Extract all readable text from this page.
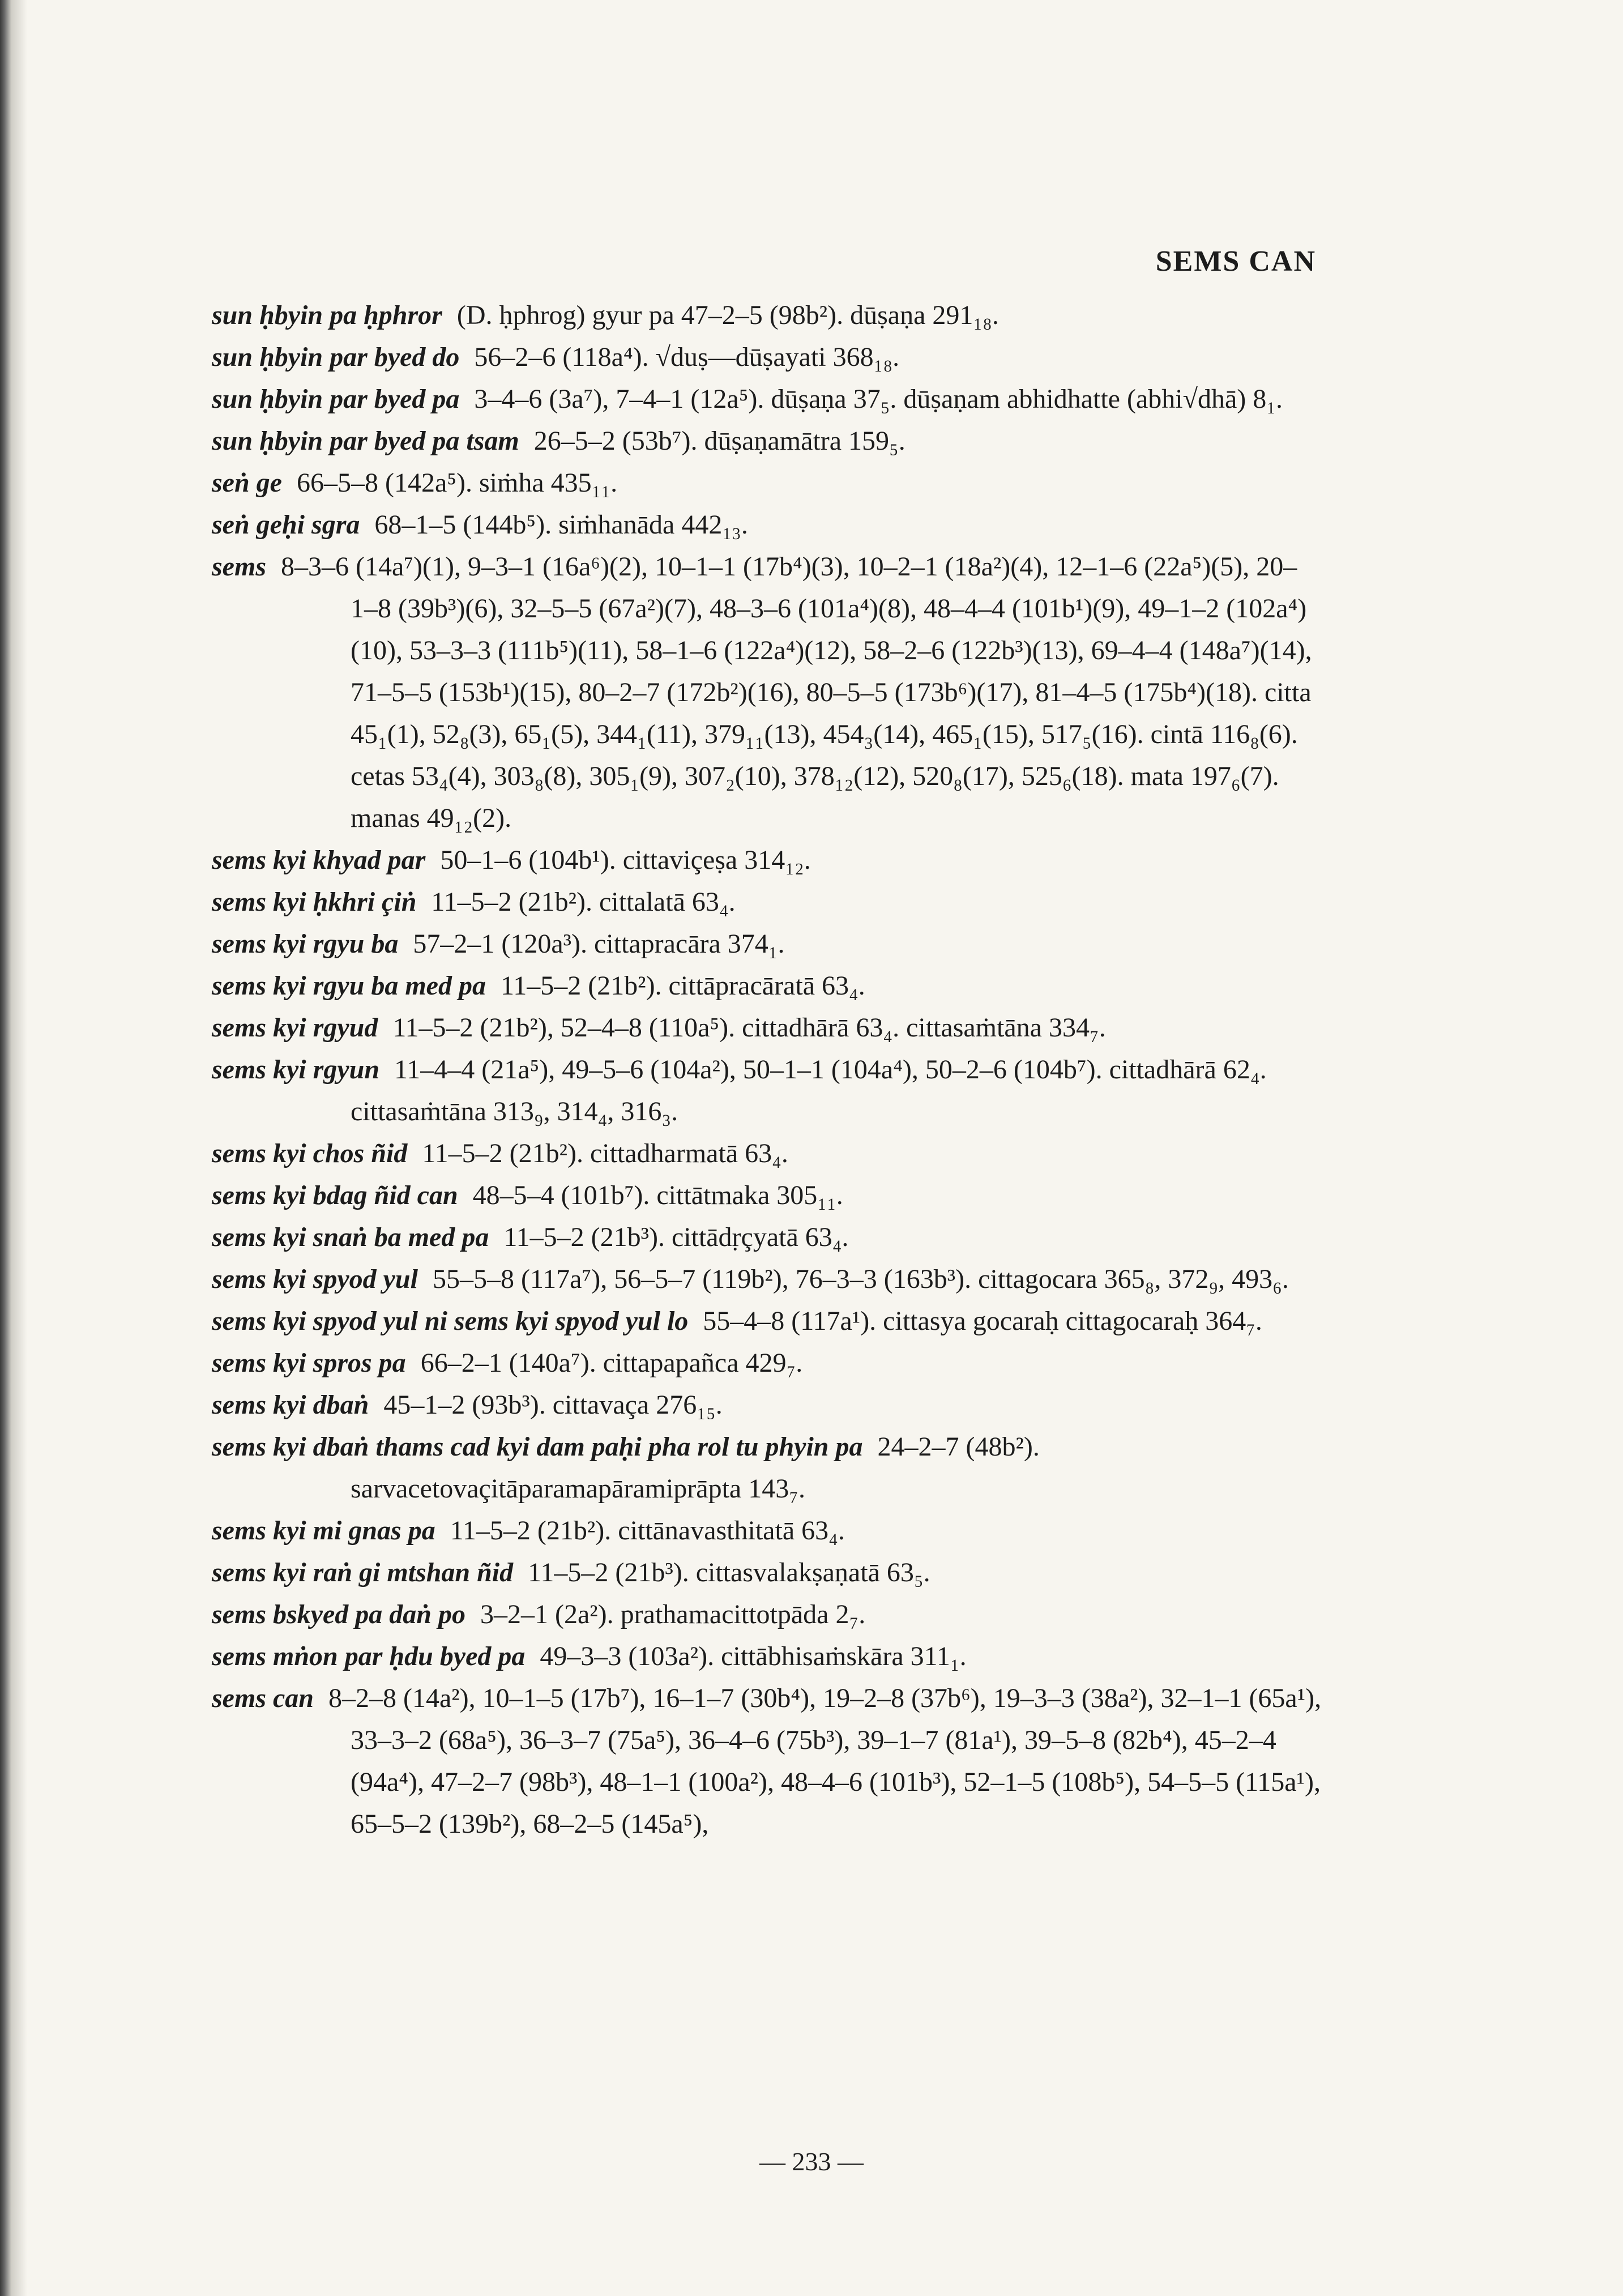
SEMS CAN
sun ḥbyin pa ḥphror (D. ḥphrog) gyur pa 47–2–5 (98b²). dūṣaṇa 291₁₈.
sun ḥbyin par byed do 56–2–6 (118a⁴). √duṣ—dūṣayati 368₁₈.
sun ḥbyin par byed pa 3–4–6 (3a⁷), 7–4–1 (12a⁵). dūṣaṇa 37₅. dūṣaṇam abhidhatte (abhi√dhā) 8₁.
sun ḥbyin par byed pa tsam 26–5–2 (53b⁷). dūṣaṇamātra 159₅.
seṅ ge 66–5–8 (142a⁵). siṁha 435₁₁.
seṅ geḥi sgra 68–1–5 (144b⁵). siṁhanāda 442₁₃.
sems 8–3–6 (14a⁷)(1), 9–3–1 (16a⁶)(2), 10–1–1 (17b⁴)(3), 10–2–1 (18a²)(4), 12–1–6 (22a⁵)(5), 20–1–8 (39b³)(6), 32–5–5 (67a²)(7), 48–3–6 (101a⁴)(8), 48–4–4 (101b¹)(9), 49–1–2 (102a⁴)(10), 53–3–3 (111b⁵)(11), 58–1–6 (122a⁴)(12), 58–2–6 (122b³)(13), 69–4–4 (148a⁷)(14), 71–5–5 (153b¹)(15), 80–2–7 (172b²)(16), 80–5–5 (173b⁶)(17), 81–4–5 (175b⁴)(18). citta 45₁(1), 52₈(3), 65₁(5), 344₁(11), 379₁₁(13), 454₃(14), 465₁(15), 517₅(16). cintā 116₈(6). cetas 53₄(4), 303₈(8), 305₁(9), 307₂(10), 378₁₂(12), 520₈(17), 525₆(18). mata 197₆(7). manas 49₁₂(2).
sems kyi khyad par 50–1–6 (104b¹). cittaviçeṣa 314₁₂.
sems kyi ḥkhri çiṅ 11–5–2 (21b²). cittalatā 63₄.
sems kyi rgyu ba 57–2–1 (120a³). cittapracāra 374₁.
sems kyi rgyu ba med pa 11–5–2 (21b²). cittāpracāratā 63₄.
sems kyi rgyud 11–5–2 (21b²), 52–4–8 (110a⁵). cittadhārā 63₄. cittasaṁtāna 334₇.
sems kyi rgyun 11–4–4 (21a⁵), 49–5–6 (104a²), 50–1–1 (104a⁴), 50–2–6 (104b⁷). cittadhārā 62₄. cittasaṁtāna 313₉, 314₄, 316₃.
sems kyi chos ñid 11–5–2 (21b²). cittadharmatā 63₄.
sems kyi bdag ñid can 48–5–4 (101b⁷). cittātmaka 305₁₁.
sems kyi snaṅ ba med pa 11–5–2 (21b³). cittādṛçyatā 63₄.
sems kyi spyod yul 55–5–8 (117a⁷), 56–5–7 (119b²), 76–3–3 (163b³). cittagocara 365₈, 372₉, 493₆.
sems kyi spyod yul ni sems kyi spyod yul lo 55–4–8 (117a¹). cittasya gocaraḥ cittagocaraḥ 364₇.
sems kyi spros pa 66–2–1 (140a⁷). cittapapañca 429₇.
sems kyi dbaṅ 45–1–2 (93b³). cittavaça 276₁₅.
sems kyi dbaṅ thams cad kyi dam paḥi pha rol tu phyin pa 24–2–7 (48b²). sarvacetovaçitāparamapāramiprāpta 143₇.
sems kyi mi gnas pa 11–5–2 (21b²). cittānavasthitatā 63₄.
sems kyi raṅ gi mtshan ñid 11–5–2 (21b³). cittasvalakṣaṇatā 63₅.
sems bskyed pa daṅ po 3–2–1 (2a²). prathamacittotpāda 2₇.
sems mṅon par ḥdu byed pa 49–3–3 (103a²). cittābhisaṁskāra 311₁.
sems can 8–2–8 (14a²), 10–1–5 (17b⁷), 16–1–7 (30b⁴), 19–2–8 (37b⁶), 19–3–3 (38a²), 32–1–1 (65a¹), 33–3–2 (68a⁵), 36–3–7 (75a⁵), 36–4–6 (75b³), 39–1–7 (81a¹), 39–5–8 (82b⁴), 45–2–4 (94a⁴), 47–2–7 (98b³), 48–1–1 (100a²), 48–4–6 (101b³), 52–1–5 (108b⁵), 54–5–5 (115a¹), 65–5–2 (139b²), 68–2–5 (145a⁵),
— 233 —
